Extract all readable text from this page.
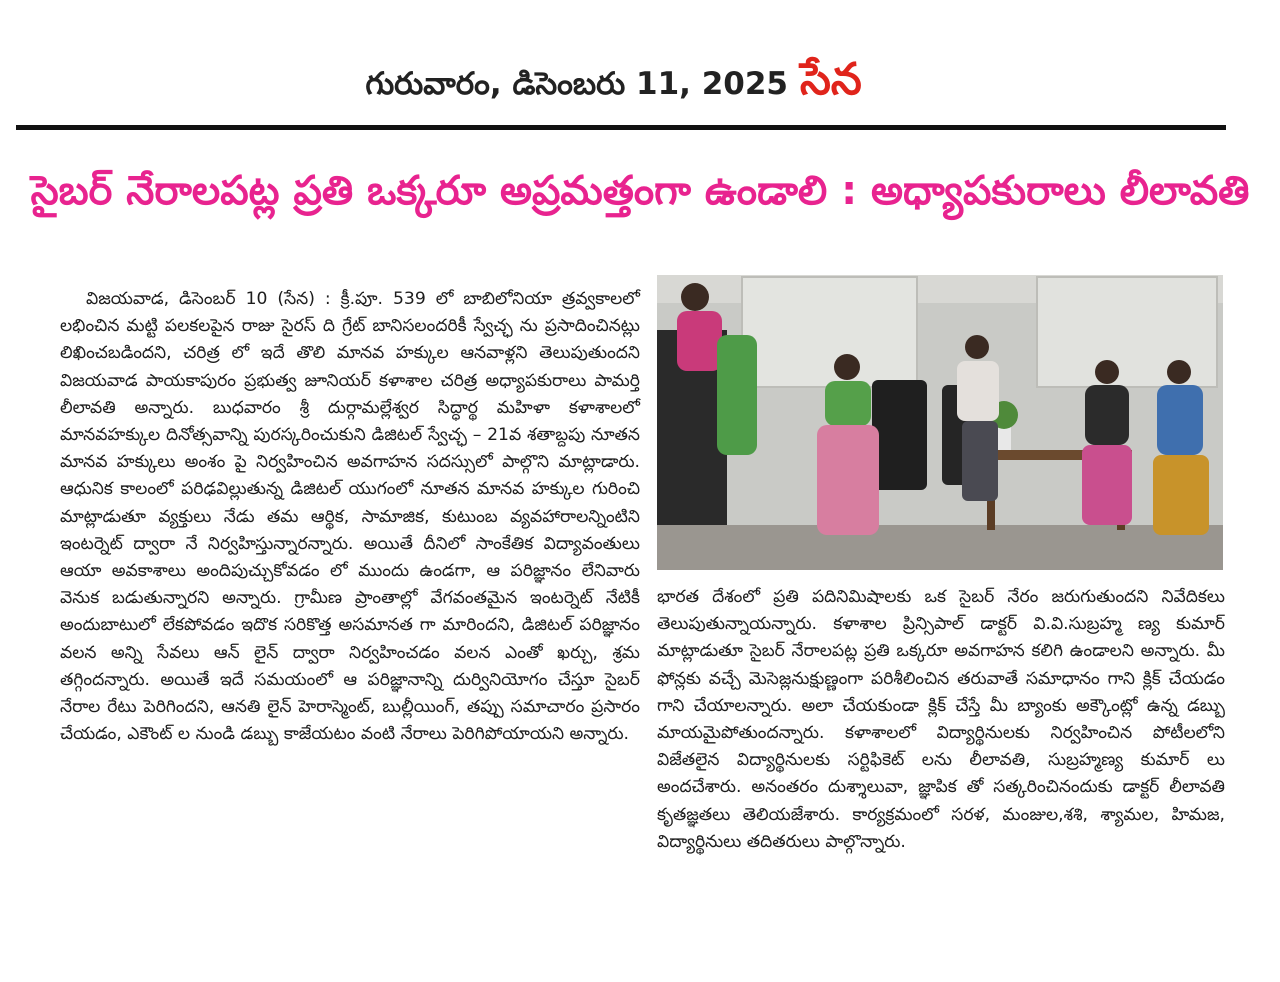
గురువారం, డిసెంబరు 11, 2025 సేన
సైబర్ నేరాలపట్ల ప్రతి ఒక్కరూ అప్రమత్తంగా ఉండాలి : అధ్యాపకురాలు లీలావతి

విజయవాడ, డిసెంబర్ 10 (సేన) : క్రీ.పూ. 539 లో బాబిలోనియా త్రవ్వకాలలో లభించిన మట్టి పలకలపైన రాజు సైరస్ ది గ్రేట్ బానిసలందరికీ స్వేచ్ఛ ను ప్రసాదించినట్లు లిఖించబడిందని, చరిత్ర లో ఇదే తొలి మానవ హక్కుల ఆనవాళ్లని తెలుపుతుందని విజయవాడ పాయకాపురం ప్రభుత్వ జూనియర్ కళాశాల చరిత్ర అధ్యాపకురాలు పామర్తి లీలావతి అన్నారు. బుధవారం శ్రీ దుర్గామల్లేశ్వర సిద్ధార్థ మహిళా కళాశాలలో మానవహక్కుల దినోత్సవాన్ని పురస్కరించుకుని డిజిటల్ స్వేచ్ఛ – 21వ శతాబ్దపు నూతన మానవ హక్కులు అంశం పై నిర్వహించిన అవగాహన సదస్సులో పాల్గొని మాట్లాడారు. ఆధునిక కాలంలో పరిఢవిల్లుతున్న డిజిటల్ యుగంలో నూతన మానవ హక్కుల గురించి మాట్లాడుతూ వ్యక్తులు నేడు తమ ఆర్థిక, సామాజిక, కుటుంబ వ్యవహారాలన్నింటిని ఇంటర్నెట్ ద్వారా నే నిర్వహిస్తున్నారన్నారు. అయితే దీనిలో సాంకేతిక విద్యావంతులు ఆయా అవకాశాలు అందిపుచ్చుకోవడం లో ముందు ఉండగా, ఆ పరిజ్ఞానం లేనివారు వెనుక బడుతున్నారని అన్నారు. గ్రామీణ ప్రాంతాల్లో వేగవంతమైన ఇంటర్నెట్ నేటికీ అందుబాటులో లేకపోవడం ఇదొక సరికొత్త అసమానత గా మారిందని, డిజిటల్ పరిజ్ఞానం వలన అన్ని సేవలు ఆన్ లైన్ ద్వారా నిర్వహించడం వలన ఎంతో ఖర్చు, శ్రమ తగ్గిందన్నారు. అయితే ఇదే సమయంలో ఆ పరిజ్ఞానాన్ని దుర్వినియోగం చేస్తూ సైబర్ నేరాల రేటు పెరిగిందని, ఆనతి లైన్ హెరాస్మెంట్, బుల్లీయింగ్, తప్పు సమాచారం ప్రసారం చేయడం, ఎకౌంట్ ల నుండి డబ్బు కాజేయటం వంటి నేరాలు పెరిగిపోయాయని అన్నారు.

భారత దేశంలో ప్రతి పదినిమిషాలకు ఒక సైబర్ నేరం జరుగుతుందని నివేదికలు తెలుపుతున్నాయన్నారు. కళాశాల ప్రిన్సిపాల్ డాక్టర్ వి.వి.సుబ్రహ్మ ణ్య కుమార్ మాట్లాడుతూ సైబర్ నేరాలపట్ల ప్రతి ఒక్కరూ అవగాహన కలిగి ఉండాలని అన్నారు. మీ ఫోన్లకు వచ్చే మెసెజ్లనుక్షుణ్ణంగా పరిశీలించిన తరువాతే సమాధానం గాని క్లిక్ చేయడం గాని చేయాలన్నారు. అలా చేయకుండా క్లిక్ చేస్తే మీ బ్యాంకు అక్కౌంట్లో ఉన్న డబ్బు మాయమైపోతుందన్నారు. కళాశాలలో విద్యార్థినులకు నిర్వహించిన పోటీలలోని విజేతలైన విద్యార్థినులకు సర్టిఫికెట్ లను లీలావతి, సుబ్రహ్మణ్య కుమార్ లు అందచేశారు. అనంతరం దుశ్శాలువా, జ్ఞాపిక తో సత్కరించినందుకు డాక్టర్ లీలావతి కృతజ్ఞతలు తెలియజేశారు. కార్యక్రమంలో సరళ, మంజుల,శశి, శ్యామల, హిమజ, విద్యార్థినులు తదితరులు పాల్గొన్నారు.
